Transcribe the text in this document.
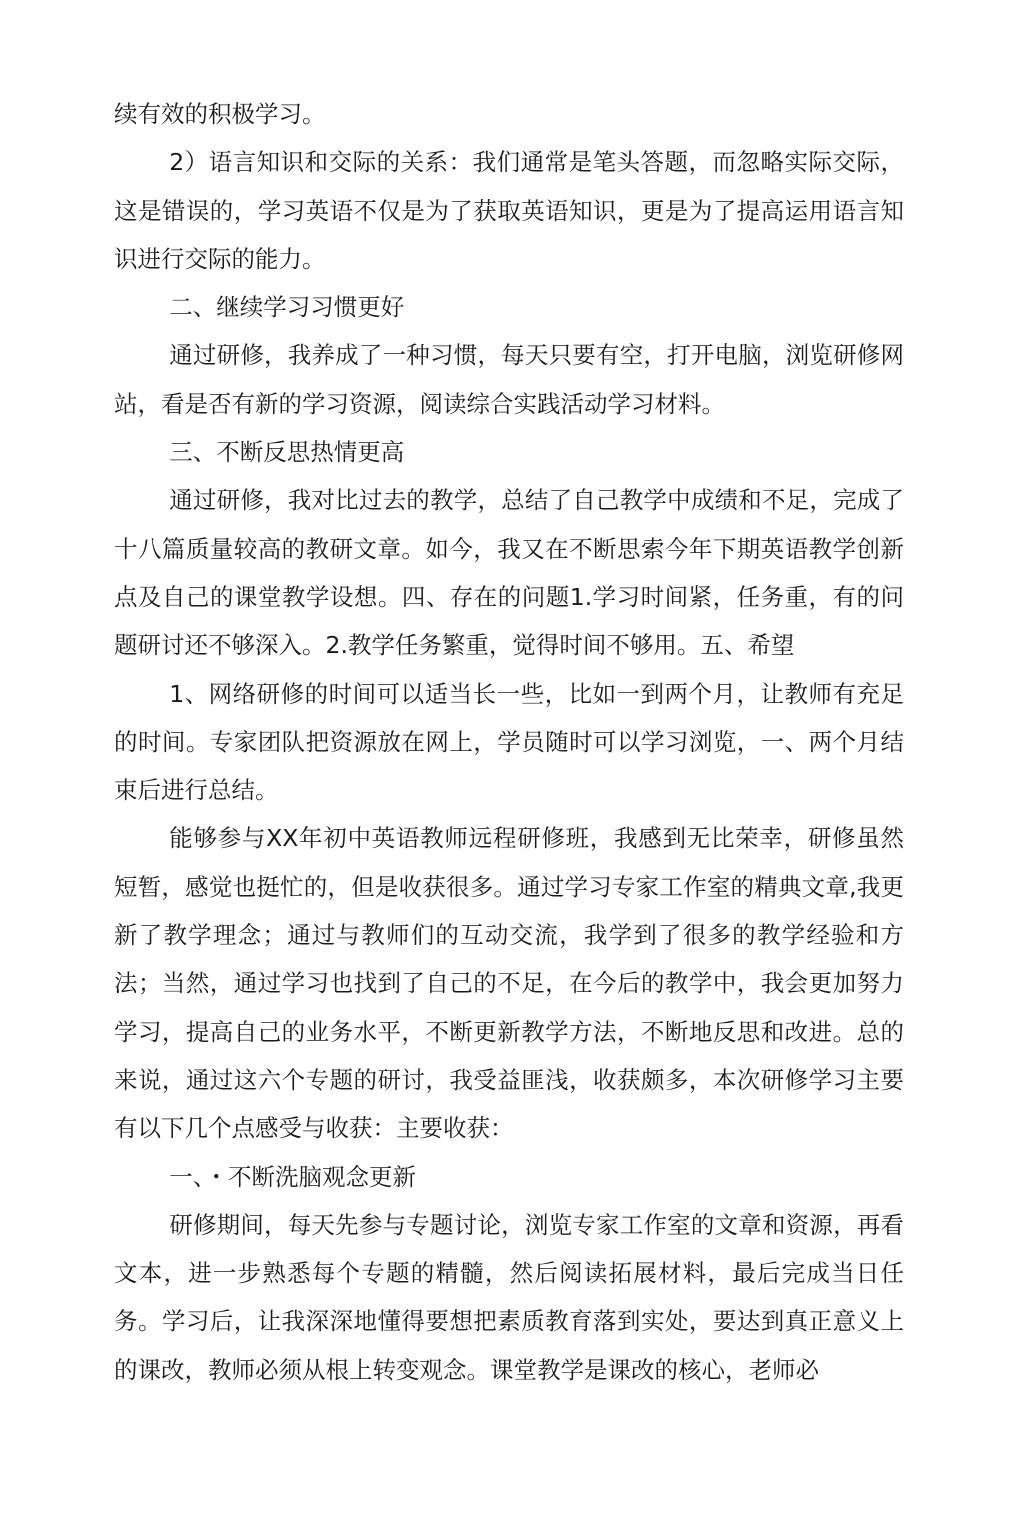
续有效的积极学习。

2）语言知识和交际的关系：我们通常是笔头答题，而忽略实际交际，这是错误的，学习英语不仅是为了获取英语知识，更是为了提高运用语言知识进行交际的能力。

二、继续学习习惯更好

通过研修，我养成了一种习惯，每天只要有空，打开电脑，浏览研修网站，看是否有新的学习资源，阅读综合实践活动学习材料。

三、不断反思热情更高

通过研修，我对比过去的教学，总结了自己教学中成绩和不足，完成了十八篇质量较高的教研文章。如今，我又在不断思索今年下期英语教学创新点及自己的课堂教学设想。四、存在的问题1.学习时间紧，任务重，有的问题研讨还不够深入。2.教学任务繁重，觉得时间不够用。五、希望

1、网络研修的时间可以适当长一些，比如一到两个月，让教师有充足的时间。专家团队把资源放在网上，学员随时可以学习浏览，一、两个月结束后进行总结。

能够参与XX年初中英语教师远程研修班，我感到无比荣幸，研修虽然短暂，感觉也挺忙的，但是收获很多。通过学习专家工作室的精典文章,我更新了教学理念；通过与教师们的互动交流，我学到了很多的教学经验和方法；当然，通过学习也找到了自己的不足，在今后的教学中，我会更加努力学习，提高自己的业务水平，不断更新教学方法，不断地反思和改进。总的来说，通过这六个专题的研讨，我受益匪浅，收获颇多，本次研修学习主要有以下几个点感受与收获：主要收获：

一、・不断洗脑观念更新

研修期间，每天先参与专题讨论，浏览专家工作室的文章和资源，再看文本，进一步熟悉每个专题的精髓，然后阅读拓展材料，最后完成当日任务。学习后，让我深深地懂得要想把素质教育落到实处，要达到真正意义上的课改，教师必须从根上转变观念。课堂教学是课改的核心，老师必
